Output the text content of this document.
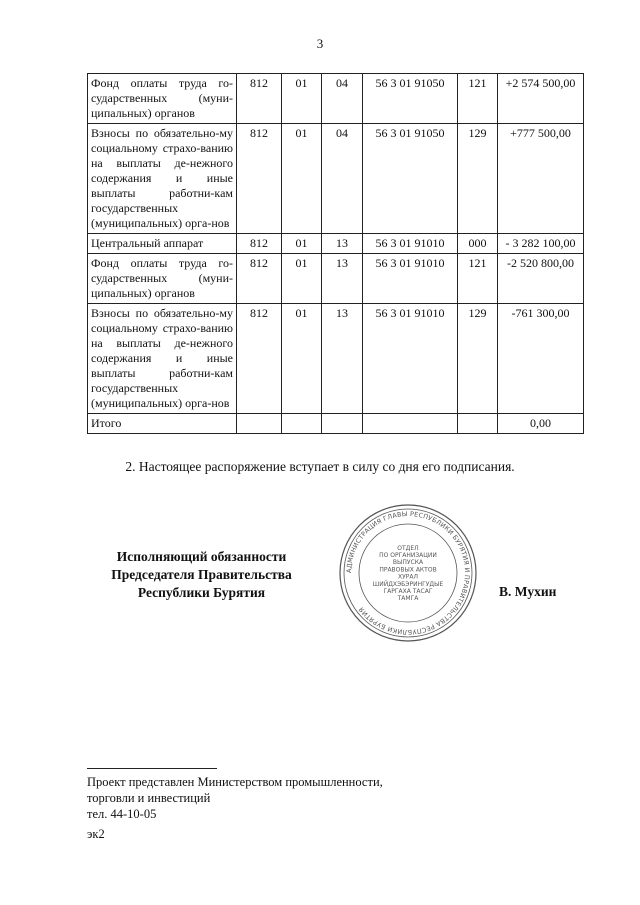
3
Фонд оплаты труда го-сударственных (муни-ципальных) органов	812	01	04	56 3 01 91050	121	+2 574 500,00
Взносы по обязательно-му социальному страхо-ванию на выплаты де-нежного содержания и иные выплаты работни-кам государственных (муниципальных) орга-нов	812	01	04	56 3 01 91050	129	+777 500,00
Центральный аппарат	812	01	13	56 3 01 91010	000	- 3 282 100,00
Фонд оплаты труда го-сударственных (муни-ципальных) органов	812	01	13	56 3 01 91010	121	-2 520 800,00
Взносы по обязательно-му социальному страхо-ванию на выплаты де-нежного содержания и иные выплаты работни-кам государственных (муниципальных) орга-нов	812	01	13	56 3 01 91010	129	-761 300,00
Итого						0,00
2. Настоящее распоряжение вступает в силу со дня его подписания.
Исполняющий обязанности
Председателя Правительства
Республики Бурятия
АДМИНИСТРАЦИЯ ГЛАВЫ РЕСПУБЛИКИ БУРЯТИЯ И ПРАВИТЕЛЬСТВА РЕСПУБЛИКИ БУРЯТИЯ
ОТДЕЛ
ПО ОРГАНИЗАЦИИ
ВЫПУСКА
ПРАВОВЫХ АКТОВ
ХУРАЛ
ШИЙДХЭБЭРИНГУДЫЕ
ГАРГАХА ТАСАГ
ТАМГА	В. Мухин
Проект представлен Министерством промышленности,
торговли и инвестиций
тел. 44-10-05
эк2
